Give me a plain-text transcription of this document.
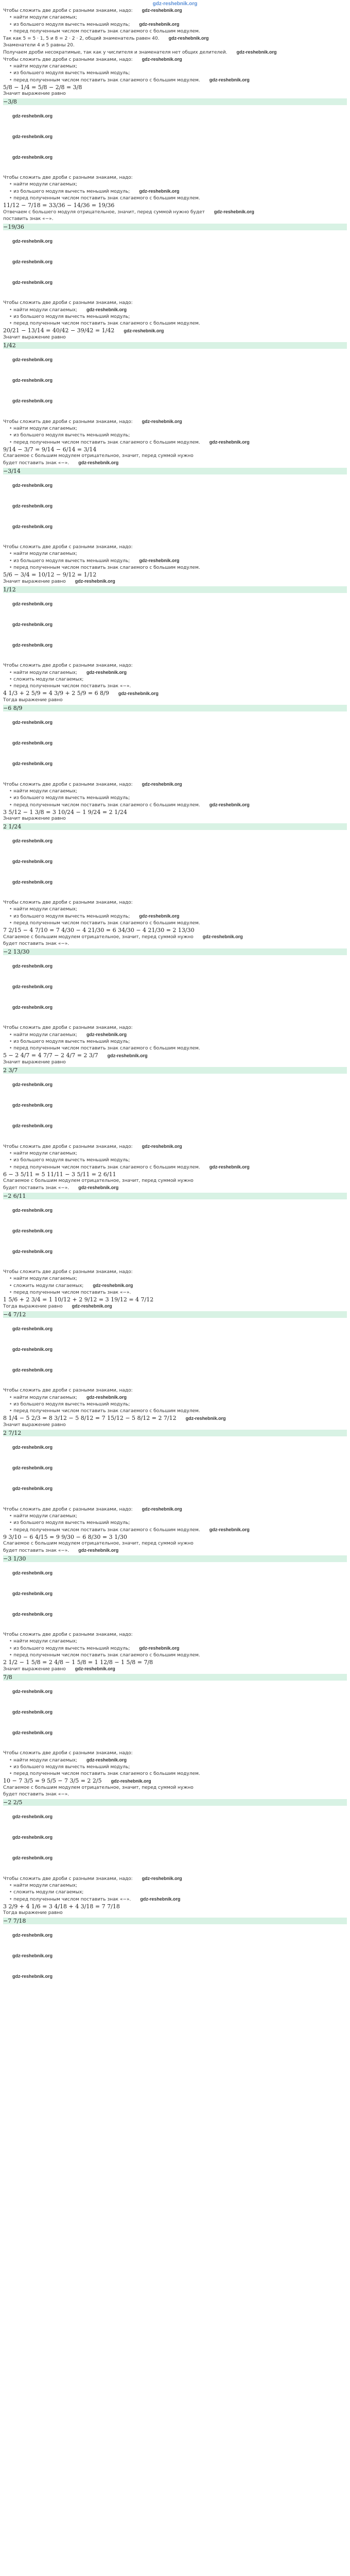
gdz-reshebnik.org
Чтобы сложить две дроби с разными знаками, надо: gdz-reshebnik.org
• найти модули слагаемых;
• из большего модуля вычесть меньший модуль; gdz-reshebnik.org
• перед полученным числом поставить знак слагаемого с большим модулем.
Так как 5 = 5 · 1, 5 и 8 = 2 · 2 · 2, общий знаменатель равен 40. gdz-reshebnik.org
Знаменатели 4 и 5 равны 20.
Получаем дроби несократимые, так как у числителя и знаменателя нет общих делителей. gdz-reshebnik.org
Чтобы сложить две дроби с разными знаками, надо: gdz-reshebnik.org
• найти модули слагаемых;
• из большего модуля вычесть меньший модуль;
• перед полученным числом поставить знак слагаемого с большим модулем. gdz-reshebnik.org
5/8 − 1/4 = 5/8 − 2/8 = 3/8
Значит выражение равно
−3/8
gdz-reshebnik.org
gdz-reshebnik.org
gdz-reshebnik.org
Чтобы сложить две дроби с разными знаками, надо:
• найти модули слагаемых;
• из большего модуля вычесть меньший модуль; gdz-reshebnik.org
• перед полученным числом поставить знак слагаемого с большим модулем.
11/12 − 7/18 = 33/36 − 14/36 = 19/36
Отвечаем с большего модуля отрицательное, значит, перед суммой нужно будет gdz-reshebnik.org
поставить знак «−».
−19/36
gdz-reshebnik.org
gdz-reshebnik.org
gdz-reshebnik.org
Чтобы сложить две дроби с разными знаками, надо:
• найти модули слагаемых; gdz-reshebnik.org
• из большего модуля вычесть меньший модуль;
• перед полученным числом поставить знак слагаемого с большим модулем.
20/21 − 13/14 = 40/42 − 39/42 = 1/42 gdz-reshebnik.org
Значит выражение равно
1/42
gdz-reshebnik.org
gdz-reshebnik.org
gdz-reshebnik.org
Чтобы сложить две дроби с разными знаками, надо: gdz-reshebnik.org
• найти модули слагаемых;
• из большего модуля вычесть меньший модуль;
• перед полученным числом поставить знак слагаемого с большим модулем. gdz-reshebnik.org
9/14 − 3/7 = 9/14 − 6/14 = 3/14
Слагаемое с большим модулем отрицательное, значит, перед суммой нужно
будет поставить знак «−». gdz-reshebnik.org
−3/14
gdz-reshebnik.org
gdz-reshebnik.org
gdz-reshebnik.org
Чтобы сложить две дроби с разными знаками, надо:
• найти модули слагаемых;
• из большего модуля вычесть меньший модуль; gdz-reshebnik.org
• перед полученным числом поставить знак слагаемого с большим модулем.
5/6 − 3/4 = 10/12 − 9/12 = 1/12
Значит выражение равно gdz-reshebnik.org
1/12
gdz-reshebnik.org
gdz-reshebnik.org
gdz-reshebnik.org
Чтобы сложить две дроби с разными знаками, надо:
• найти модули слагаемых; gdz-reshebnik.org
• сложить модули слагаемых;
• перед полученным числом поставить знак «−».
4 1/3 + 2 5/9 = 4 3/9 + 2 5/9 = 6 8/9 gdz-reshebnik.org
Тогда выражение равно
−6 8/9
gdz-reshebnik.org
gdz-reshebnik.org
gdz-reshebnik.org
Чтобы сложить две дроби с разными знаками, надо: gdz-reshebnik.org
• найти модули слагаемых;
• из большего модуля вычесть меньший модуль;
• перед полученным числом поставить знак слагаемого с большим модулем. gdz-reshebnik.org
3 5/12 − 1 3/8 = 3 10/24 − 1 9/24 = 2 1/24
Значит выражение равно
2 1/24
gdz-reshebnik.org
gdz-reshebnik.org
gdz-reshebnik.org
Чтобы сложить две дроби с разными знаками, надо:
• найти модули слагаемых;
• из большего модуля вычесть меньший модуль; gdz-reshebnik.org
• перед полученным числом поставить знак слагаемого с большим модулем.
7 2/15 − 4 7/10 = 7 4/30 − 4 21/30 = 6 34/30 − 4 21/30 = 2 13/30
Слагаемое с большим модулем отрицательное, значит, перед суммой нужно gdz-reshebnik.org
будет поставить знак «−».
−2 13/30
gdz-reshebnik.org
gdz-reshebnik.org
gdz-reshebnik.org
Чтобы сложить две дроби с разными знаками, надо:
• найти модули слагаемых; gdz-reshebnik.org
• из большего модуля вычесть меньший модуль;
• перед полученным числом поставить знак слагаемого с большим модулем.
5 − 2 4/7 = 4 7/7 − 2 4/7 = 2 3/7 gdz-reshebnik.org
Значит выражение равно
2 3/7
gdz-reshebnik.org
gdz-reshebnik.org
gdz-reshebnik.org
Чтобы сложить две дроби с разными знаками, надо: gdz-reshebnik.org
• найти модули слагаемых;
• из большего модуля вычесть меньший модуль;
• перед полученным числом поставить знак слагаемого с большим модулем. gdz-reshebnik.org
6 − 3 5/11 = 5 11/11 − 3 5/11 = 2 6/11
Слагаемое с большим модулем отрицательное, значит, перед суммой нужно
будет поставить знак «−». gdz-reshebnik.org
−2 6/11
gdz-reshebnik.org
gdz-reshebnik.org
gdz-reshebnik.org
Чтобы сложить две дроби с разными знаками, надо:
• найти модули слагаемых;
• сложить модули слагаемых; gdz-reshebnik.org
• перед полученным числом поставить знак «−».
1 5/6 + 2 3/4 = 1 10/12 + 2 9/12 = 3 19/12 = 4 7/12
Тогда выражение равно gdz-reshebnik.org
−4 7/12
gdz-reshebnik.org
gdz-reshebnik.org
gdz-reshebnik.org
Чтобы сложить две дроби с разными знаками, надо:
• найти модули слагаемых; gdz-reshebnik.org
• из большего модуля вычесть меньший модуль;
• перед полученным числом поставить знак слагаемого с большим модулем.
8 1/4 − 5 2/3 = 8 3/12 − 5 8/12 = 7 15/12 − 5 8/12 = 2 7/12 gdz-reshebnik.org
Значит выражение равно
2 7/12
gdz-reshebnik.org
gdz-reshebnik.org
gdz-reshebnik.org
Чтобы сложить две дроби с разными знаками, надо: gdz-reshebnik.org
• найти модули слагаемых;
• из большего модуля вычесть меньший модуль;
• перед полученным числом поставить знак слагаемого с большим модулем. gdz-reshebnik.org
9 3/10 − 6 4/15 = 9 9/30 − 6 8/30 = 3 1/30
Слагаемое с большим модулем отрицательное, значит, перед суммой нужно
будет поставить знак «−». gdz-reshebnik.org
−3 1/30
gdz-reshebnik.org
gdz-reshebnik.org
gdz-reshebnik.org
Чтобы сложить две дроби с разными знаками, надо:
• найти модули слагаемых;
• из большего модуля вычесть меньший модуль; gdz-reshebnik.org
• перед полученным числом поставить знак слагаемого с большим модулем.
2 1/2 − 1 5/8 = 2 4/8 − 1 5/8 = 1 12/8 − 1 5/8 = 7/8
Значит выражение равно gdz-reshebnik.org
7/8
gdz-reshebnik.org
gdz-reshebnik.org
gdz-reshebnik.org
Чтобы сложить две дроби с разными знаками, надо:
• найти модули слагаемых; gdz-reshebnik.org
• из большего модуля вычесть меньший модуль;
• перед полученным числом поставить знак слагаемого с большим модулем.
10 − 7 3/5 = 9 5/5 − 7 3/5 = 2 2/5 gdz-reshebnik.org
Слагаемое с большим модулем отрицательное, значит, перед суммой нужно
будет поставить знак «−».
−2 2/5
gdz-reshebnik.org
gdz-reshebnik.org
gdz-reshebnik.org
Чтобы сложить две дроби с разными знаками, надо: gdz-reshebnik.org
• найти модули слагаемых;
• сложить модули слагаемых;
• перед полученным числом поставить знак «−». gdz-reshebnik.org
3 2/9 + 4 1/6 = 3 4/18 + 4 3/18 = 7 7/18
Тогда выражение равно
−7 7/18
gdz-reshebnik.org
gdz-reshebnik.org
gdz-reshebnik.org
